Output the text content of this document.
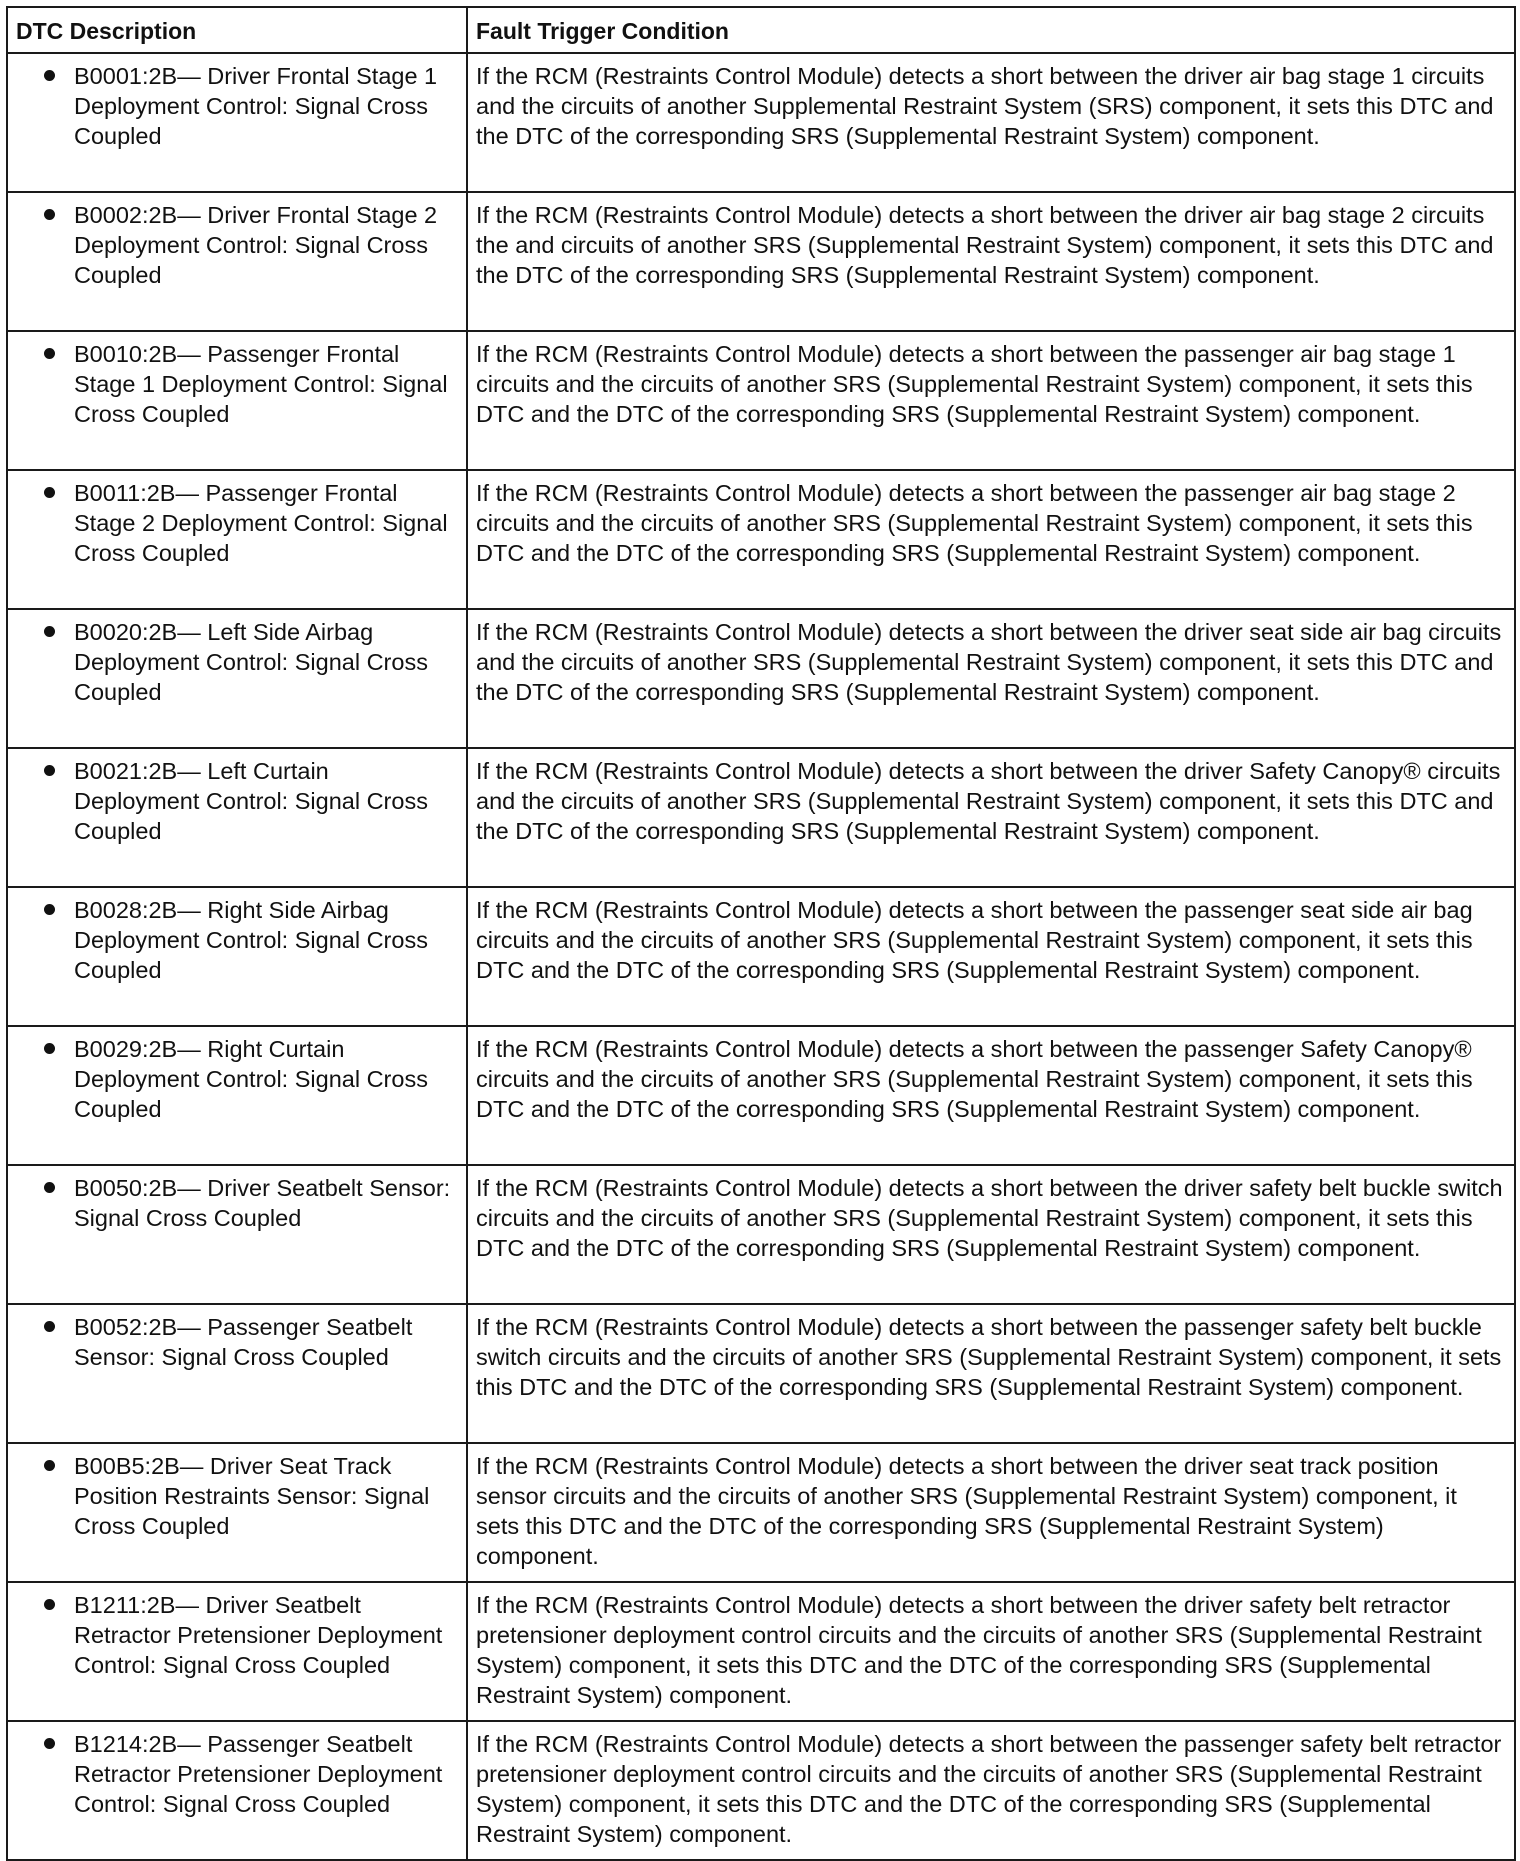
DTC Description	Fault Trigger Condition

B0001:2B— Driver Frontal Stage 1 Deployment Control: Signal Cross Coupled	If the RCM (Restraints Control Module) detects a short between the driver air bag stage 1 circuits and the circuits of another Supplemental Restraint System (SRS) component, it sets this DTC and the DTC of the corresponding SRS (Supplemental Restraint System) component.

B0002:2B— Driver Frontal Stage 2 Deployment Control: Signal Cross Coupled	If the RCM (Restraints Control Module) detects a short between the driver air bag stage 2 circuits the and circuits of another SRS (Supplemental Restraint System) component, it sets this DTC and the DTC of the corresponding SRS (Supplemental Restraint System) component.

B0010:2B— Passenger Frontal Stage 1 Deployment Control: Signal Cross Coupled	If the RCM (Restraints Control Module) detects a short between the passenger air bag stage 1 circuits and the circuits of another SRS (Supplemental Restraint System) component, it sets this DTC and the DTC of the corresponding SRS (Supplemental Restraint System) component.

B0011:2B— Passenger Frontal Stage 2 Deployment Control: Signal Cross Coupled	If the RCM (Restraints Control Module) detects a short between the passenger air bag stage 2 circuits and the circuits of another SRS (Supplemental Restraint System) component, it sets this DTC and the DTC of the corresponding SRS (Supplemental Restraint System) component.

B0020:2B— Left Side Airbag Deployment Control: Signal Cross Coupled	If the RCM (Restraints Control Module) detects a short between the driver seat side air bag circuits and the circuits of another SRS (Supplemental Restraint System) component, it sets this DTC and the DTC of the corresponding SRS (Supplemental Restraint System) component.

B0021:2B— Left Curtain Deployment Control: Signal Cross Coupled	If the RCM (Restraints Control Module) detects a short between the driver Safety Canopy® circuits and the circuits of another SRS (Supplemental Restraint System) component, it sets this DTC and the DTC of the corresponding SRS (Supplemental Restraint System) component.

B0028:2B— Right Side Airbag Deployment Control: Signal Cross Coupled	If the RCM (Restraints Control Module) detects a short between the passenger seat side air bag circuits and the circuits of another SRS (Supplemental Restraint System) component, it sets this DTC and the DTC of the corresponding SRS (Supplemental Restraint System) component.

B0029:2B— Right Curtain Deployment Control: Signal Cross Coupled	If the RCM (Restraints Control Module) detects a short between the passenger Safety Canopy® circuits and the circuits of another SRS (Supplemental Restraint System) component, it sets this DTC and the DTC of the corresponding SRS (Supplemental Restraint System) component.

B0050:2B— Driver Seatbelt Sensor: Signal Cross Coupled	If the RCM (Restraints Control Module) detects a short between the driver safety belt buckle switch circuits and the circuits of another SRS (Supplemental Restraint System) component, it sets this DTC and the DTC of the corresponding SRS (Supplemental Restraint System) component.

B0052:2B— Passenger Seatbelt Sensor: Signal Cross Coupled	If the RCM (Restraints Control Module) detects a short between the passenger safety belt buckle switch circuits and the circuits of another SRS (Supplemental Restraint System) component, it sets this DTC and the DTC of the corresponding SRS (Supplemental Restraint System) component.

B00B5:2B— Driver Seat Track Position Restraints Sensor: Signal Cross Coupled	If the RCM (Restraints Control Module) detects a short between the driver seat track position sensor circuits and the circuits of another SRS (Supplemental Restraint System) component, it sets this DTC and the DTC of the corresponding SRS (Supplemental Restraint System) component.

B1211:2B— Driver Seatbelt Retractor Pretensioner Deployment Control: Signal Cross Coupled	If the RCM (Restraints Control Module) detects a short between the driver safety belt retractor pretensioner deployment control circuits and the circuits of another SRS (Supplemental Restraint System) component, it sets this DTC and the DTC of the corresponding SRS (Supplemental Restraint System) component.

B1214:2B— Passenger Seatbelt Retractor Pretensioner Deployment Control: Signal Cross Coupled	If the RCM (Restraints Control Module) detects a short between the passenger safety belt retractor pretensioner deployment control circuits and the circuits of another SRS (Supplemental Restraint System) component, it sets this DTC and the DTC of the corresponding SRS (Supplemental Restraint System) component.
